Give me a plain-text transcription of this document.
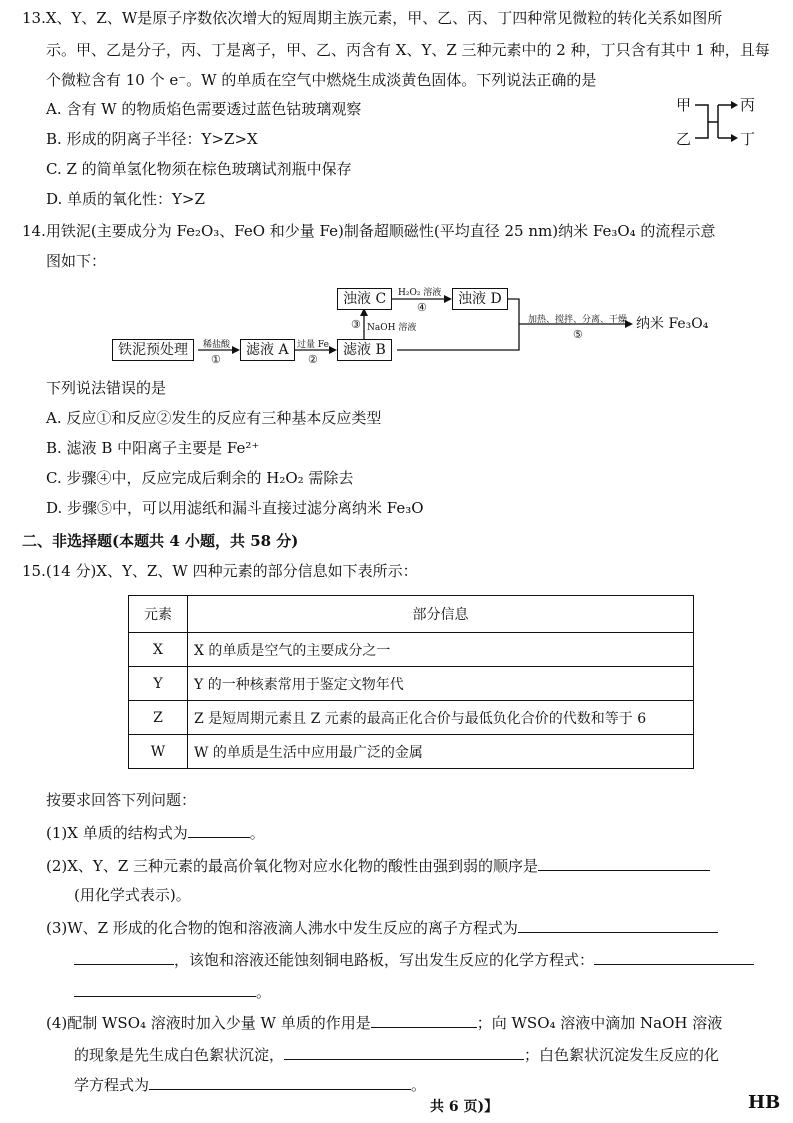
13.X、Y、Z、W是原子序数依次增大的短周期主族元素，甲、乙、丙、丁四种常见微粒的转化关系如图所
示。甲、乙是分子，丙、丁是离子，甲、乙、丙含有 X、Y、Z 三种元素中的 2 种，丁只含有其中 1 种，且每
个微粒含有 10 个 e⁻。W 的单质在空气中燃烧生成淡黄色固体。下列说法正确的是
A. 含有 W 的物质焰色需要透过蓝色钴玻璃观察
B. 形成的阴离子半径：Y>Z>X
C. Z 的简单氢化物须在棕色玻璃试剂瓶中保存
D. 单质的氧化性：Y>Z
甲
乙
丙
丁
14.用铁泥(主要成分为 Fe₂O₃、FeO 和少量 Fe)制备超顺磁性(平均直径 25 nm)纳米 Fe₃O₄ 的流程示意
图如下：
铁泥预处理	滤液 A	滤液 B
浊液 C	浊液 D
稀盐酸
①
过量 Fe
②
③ NaOH 溶液
H₂O₂ 溶液
④
加热、搅拌、分离、干燥
⑤
纳米 Fe₃O₄
下列说法错误的是
A. 反应①和反应②发生的反应有三种基本反应类型
B. 滤液 B 中阳离子主要是 Fe²⁺
C. 步骤④中，反应完成后剩余的 H₂O₂ 需除去
D. 步骤⑤中，可以用滤纸和漏斗直接过滤分离纳米 Fe₃O
二、非选择题(本题共 4 小题，共 58 分)
15.(14 分)X、Y、Z、W 四种元素的部分信息如下表所示：
元素	部分信息
X	X 的单质是空气的主要成分之一
Y	Y 的一种核素常用于鉴定文物年代
Z	Z 是短周期元素且 Z 元素的最高正化合价与最低负化合价的代数和等于 6
W	W 的单质是生活中应用最广泛的金属
按要求回答下列问题：
(1)X 单质的结构式为	。
(2)X、Y、Z 三种元素的最高价氧化物对应水化物的酸性由强到弱的顺序是
(用化学式表示)。
(3)W、Z 形成的化合物的饱和溶液滴人沸水中发生反应的离子方程式为
，该饱和溶液还能蚀刻铜电路板，写出发生反应的化学方程式：
。
(4)配制 WSO₄ 溶液时加入少量 W 单质的作用是	；向 WSO₄ 溶液中滴加 NaOH 溶液
的现象是先生成白色絮状沉淀，	；白色絮状沉淀发生反应的化
学方程式为	。
共 6 页)】	HB
